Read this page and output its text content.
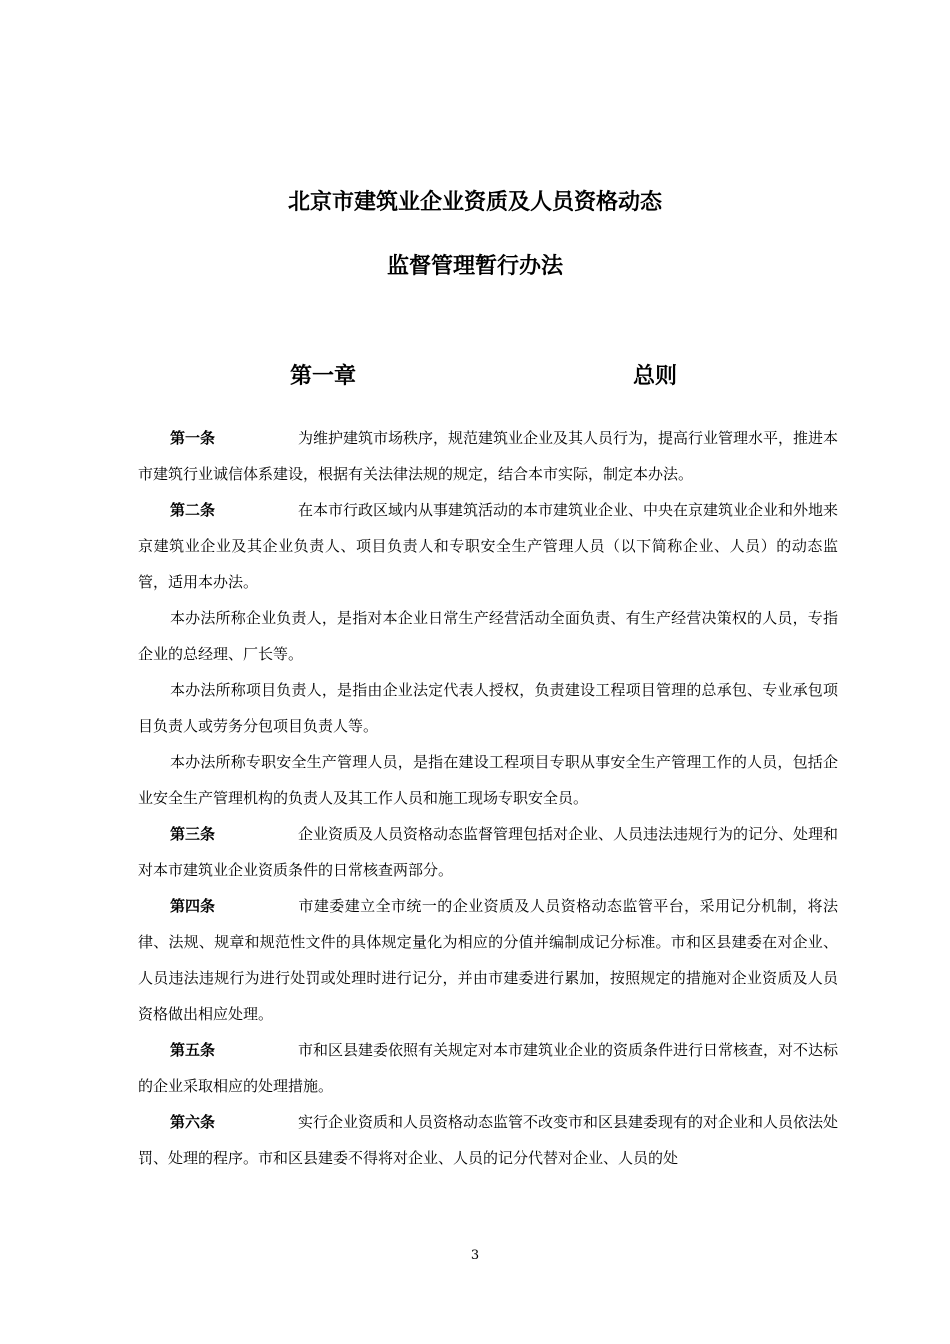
北京市建筑业企业资质及人员资格动态
监督管理暂行办法
第一章	总则

第一条	为维护建筑市场秩序，规范建筑业企业及其人员行为，提高行业管理水平，推进本市建筑行业诚信体系建设，根据有关法律法规的规定，结合本市实际，制定本办法。

第二条	在本市行政区域内从事建筑活动的本市建筑业企业、中央在京建筑业企业和外地来京建筑业企业及其企业负责人、项目负责人和专职安全生产管理人员（以下简称企业、人员）的动态监管，适用本办法。

本办法所称企业负责人，是指对本企业日常生产经营活动全面负责、有生产经营决策权的人员，专指企业的总经理、厂长等。

本办法所称项目负责人，是指由企业法定代表人授权，负责建设工程项目管理的总承包、专业承包项目负责人或劳务分包项目负责人等。

本办法所称专职安全生产管理人员，是指在建设工程项目专职从事安全生产管理工作的人员，包括企业安全生产管理机构的负责人及其工作人员和施工现场专职安全员。

第三条	企业资质及人员资格动态监督管理包括对企业、人员违法违规行为的记分、处理和对本市建筑业企业资质条件的日常核查两部分。

第四条	市建委建立全市统一的企业资质及人员资格动态监管平台，采用记分机制，将法律、法规、规章和规范性文件的具体规定量化为相应的分值并编制成记分标准。市和区县建委在对企业、人员违法违规行为进行处罚或处理时进行记分，并由市建委进行累加，按照规定的措施对企业资质及人员资格做出相应处理。

第五条	市和区县建委依照有关规定对本市建筑业企业的资质条件进行日常核查，对不达标的企业采取相应的处理措施。

第六条	实行企业资质和人员资格动态监管不改变市和区县建委现有的对企业和人员依法处罚、处理的程序。市和区县建委不得将对企业、人员的记分代替对企业、人员的处

3
